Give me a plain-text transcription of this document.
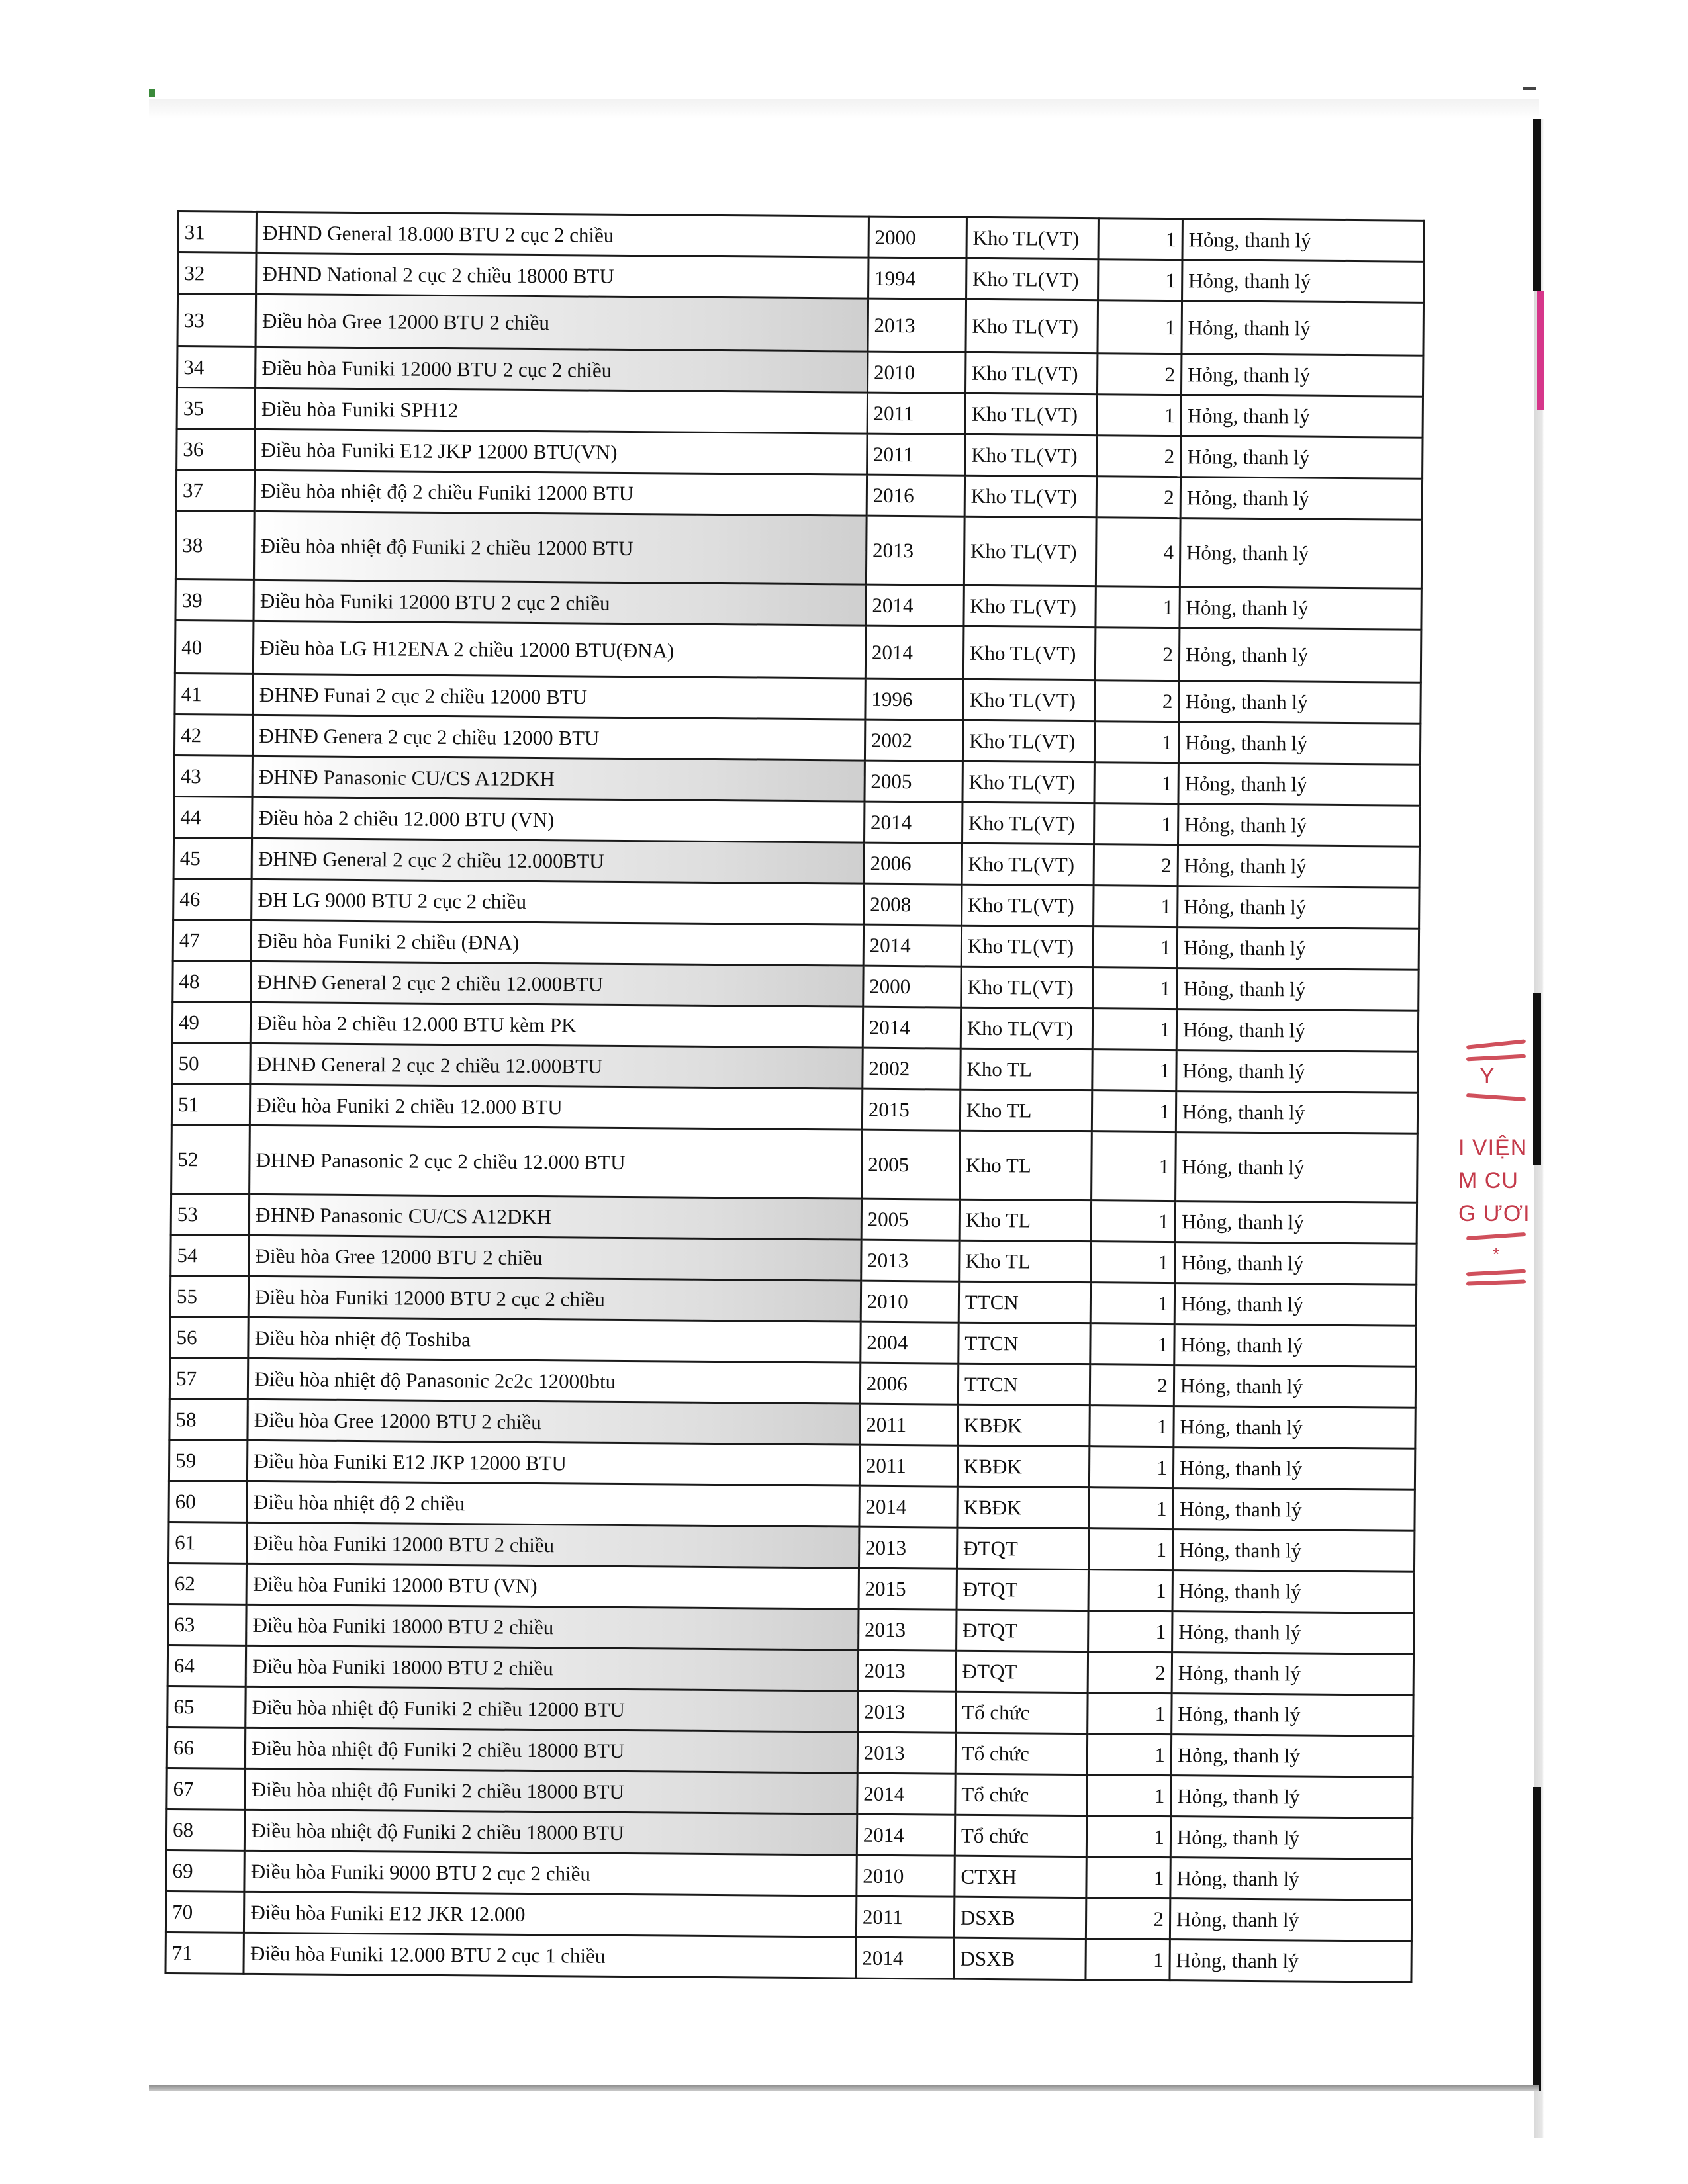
31	ĐHND General 18.000 BTU 2 cục 2 chiều	2000	Kho TL(VT)	1	Hỏng, thanh lý
32	ĐHND National 2 cục 2 chiều 18000 BTU	1994	Kho TL(VT)	1	Hỏng, thanh lý
33	Điều hòa Gree 12000 BTU 2 chiều	2013	Kho TL(VT)	1	Hỏng, thanh lý
34	Điều hòa Funiki 12000 BTU 2 cục 2 chiều	2010	Kho TL(VT)	2	Hỏng, thanh lý
35	Điều hòa Funiki SPH12	2011	Kho TL(VT)	1	Hỏng, thanh lý
36	Điều hòa Funiki E12 JKP 12000 BTU(VN)	2011	Kho TL(VT)	2	Hỏng, thanh lý
37	Điều hòa nhiệt độ 2 chiều Funiki 12000 BTU	2016	Kho TL(VT)	2	Hỏng, thanh lý
38	Điều hòa nhiệt độ Funiki 2 chiều 12000 BTU	2013	Kho TL(VT)	4	Hỏng, thanh lý
39	Điều hòa Funiki 12000 BTU 2 cục 2 chiều	2014	Kho TL(VT)	1	Hỏng, thanh lý
40	Điều hòa LG H12ENA 2 chiều 12000 BTU(ĐNA)	2014	Kho TL(VT)	2	Hỏng, thanh lý
41	ĐHNĐ Funai 2 cục 2 chiều 12000 BTU	1996	Kho TL(VT)	2	Hỏng, thanh lý
42	ĐHNĐ Genera 2 cục 2 chiều 12000 BTU	2002	Kho TL(VT)	1	Hỏng, thanh lý
43	ĐHNĐ Panasonic CU/CS A12DKH	2005	Kho TL(VT)	1	Hỏng, thanh lý
44	Điều hòa 2 chiều 12.000 BTU (VN)	2014	Kho TL(VT)	1	Hỏng, thanh lý
45	ĐHNĐ General 2 cục 2 chiều 12.000BTU	2006	Kho TL(VT)	2	Hỏng, thanh lý
46	ĐH LG 9000 BTU 2 cục 2 chiều	2008	Kho TL(VT)	1	Hỏng, thanh lý
47	Điều hòa Funiki 2 chiều (ĐNA)	2014	Kho TL(VT)	1	Hỏng, thanh lý
48	ĐHNĐ General 2 cục 2 chiều 12.000BTU	2000	Kho TL(VT)	1	Hỏng, thanh lý
49	Điều hòa 2 chiều 12.000 BTU kèm PK	2014	Kho TL(VT)	1	Hỏng, thanh lý
50	ĐHNĐ General 2 cục 2 chiều 12.000BTU	2002	Kho TL	1	Hỏng, thanh lý
51	Điều hòa Funiki 2 chiều 12.000 BTU	2015	Kho TL	1	Hỏng, thanh lý
52	ĐHNĐ Panasonic 2 cục 2 chiều 12.000 BTU	2005	Kho TL	1	Hỏng, thanh lý
53	ĐHNĐ Panasonic CU/CS A12DKH	2005	Kho TL	1	Hỏng, thanh lý
54	Điều hòa Gree 12000 BTU 2 chiều	2013	Kho TL	1	Hỏng, thanh lý
55	Điều hòa Funiki 12000 BTU 2 cục 2 chiều	2010	TTCN	1	Hỏng, thanh lý
56	Điều hòa nhiệt độ Toshiba	2004	TTCN	1	Hỏng, thanh lý
57	Điều hòa nhiệt độ Panasonic 2c2c 12000btu	2006	TTCN	2	Hỏng, thanh lý
58	Điều hòa Gree 12000 BTU 2 chiều	2011	KBĐK	1	Hỏng, thanh lý
59	Điều hòa Funiki E12 JKP 12000 BTU	2011	KBĐK	1	Hỏng, thanh lý
60	Điều hòa nhiệt độ 2 chiều	2014	KBĐK	1	Hỏng, thanh lý
61	Điều hòa Funiki 12000 BTU 2 chiều	2013	ĐTQT	1	Hỏng, thanh lý
62	Điều hòa Funiki 12000 BTU (VN)	2015	ĐTQT	1	Hỏng, thanh lý
63	Điều hòa Funiki 18000 BTU 2 chiều	2013	ĐTQT	1	Hỏng, thanh lý
64	Điều hòa Funiki 18000 BTU 2 chiều	2013	ĐTQT	2	Hỏng, thanh lý
65	Điều hòa nhiệt độ Funiki 2 chiều 12000 BTU	2013	Tổ chức	1	Hỏng, thanh lý
66	Điều hòa nhiệt độ Funiki 2 chiều 18000 BTU	2013	Tổ chức	1	Hỏng, thanh lý
67	Điều hòa nhiệt độ Funiki 2 chiều 18000 BTU	2014	Tổ chức	1	Hỏng, thanh lý
68	Điều hòa nhiệt độ Funiki 2 chiều 18000 BTU	2014	Tổ chức	1	Hỏng, thanh lý
69	Điều hòa Funiki 9000 BTU 2 cục 2 chiều	2010	CTXH	1	Hỏng, thanh lý
70	Điều hòa Funiki E12 JKR 12.000	2011	DSXB	2	Hỏng, thanh lý
71	Điều hòa Funiki 12.000 BTU 2 cục 1 chiều	2014	DSXB	1	Hỏng, thanh lý
Y
I VIỆN
M CU
G ƯƠI
*
